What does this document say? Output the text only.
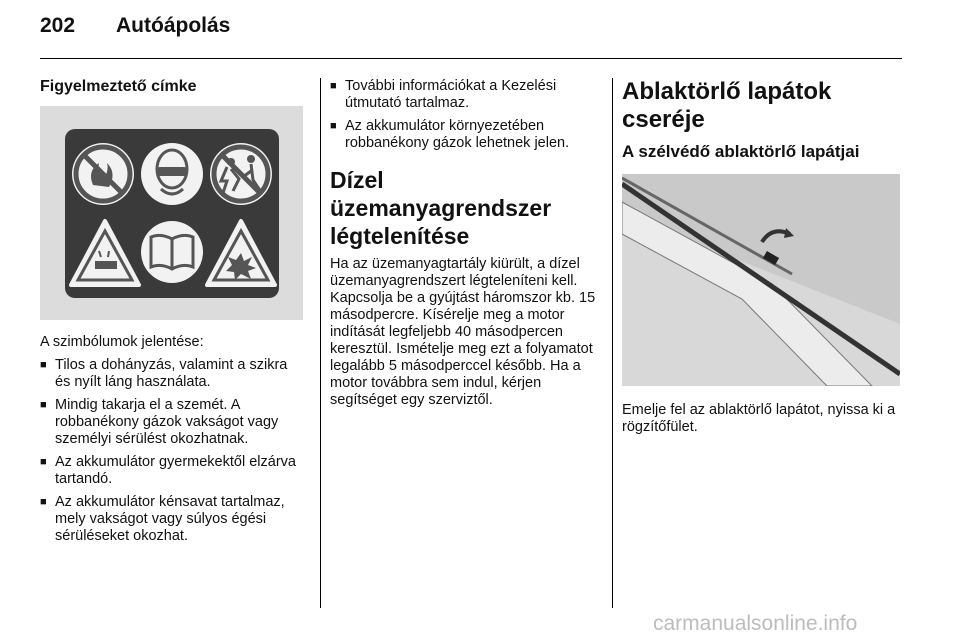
202	Autóápolás
Figyelmeztető címke
A szimbólumok jelentése:
■ Tilos a dohányzás, valamint a szikra és nyílt láng használata.
■ Mindig takarja el a szemét. A robbanékony gázok vakságot vagy személyi sérülést okozhatnak.
■ Az akkumulátor gyermekektől elzárva tartandó.
■ Az akkumulátor kénsavat tartalmaz, mely vakságot vagy súlyos égési sérüléseket okozhat.
■ További információkat a Kezelési útmutató tartalmaz.
■ Az akkumulátor környezetében robbanékony gázok lehetnek jelen.
Dízel üzemanyagrendszer légtelenítése
Ha az üzemanyagtartály kiürült, a dízel üzemanyagrendszert légteleníteni kell. Kapcsolja be a gyújtást háromszor kb. 15 másodpercre. Kísérelje meg a motor indítását legfeljebb 40 másodpercen keresztül. Ismételje meg ezt a folyamatot legalább 5 másodperccel később. Ha a motor továbbra sem indul, kérjen segítséget egy szerviztől.
Ablaktörlő lapátok cseréje
A szélvédő ablaktörlő lapátjai
Emelje fel az ablaktörlő lapátot, nyissa ki a rögzítőfület.
carmanualsonline.info
